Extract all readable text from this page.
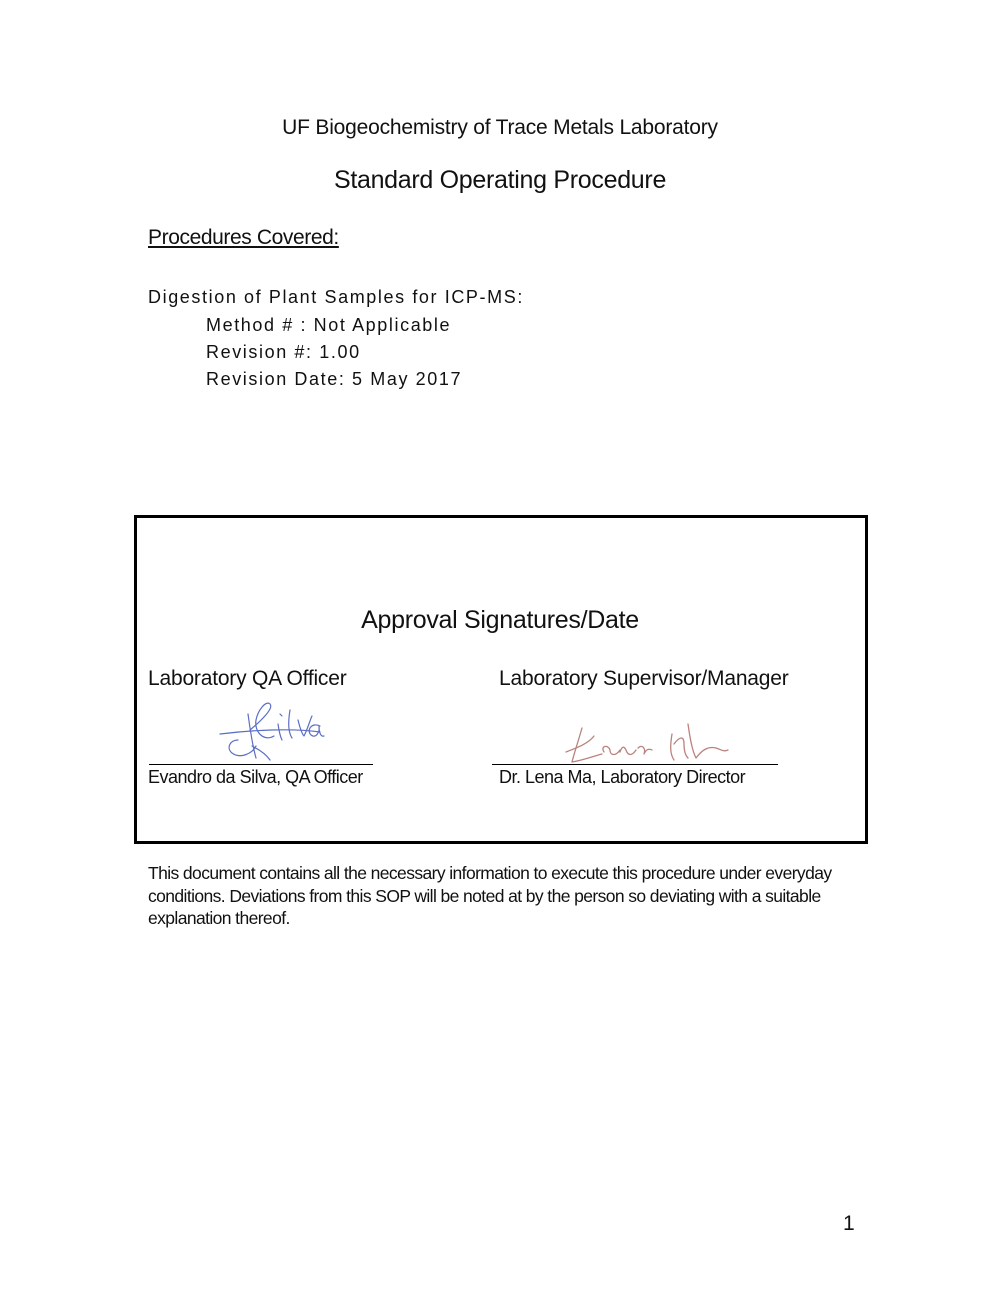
UF Biogeochemistry of Trace Metals Laboratory
Standard Operating Procedure
Procedures Covered:
Digestion of Plant Samples for ICP-MS:
Method # : Not Applicable
Revision #: 1.00
Revision Date: 5 May 2017
Approval Signatures/Date
Laboratory QA Officer	Laboratory Supervisor/Manager
Evandro da Silva, QA Officer	Dr. Lena Ma, Laboratory Director
This document contains all the necessary information to execute this procedure under everyday conditions. Deviations from this SOP will be noted at by the person so deviating with a suitable explanation thereof.
1
